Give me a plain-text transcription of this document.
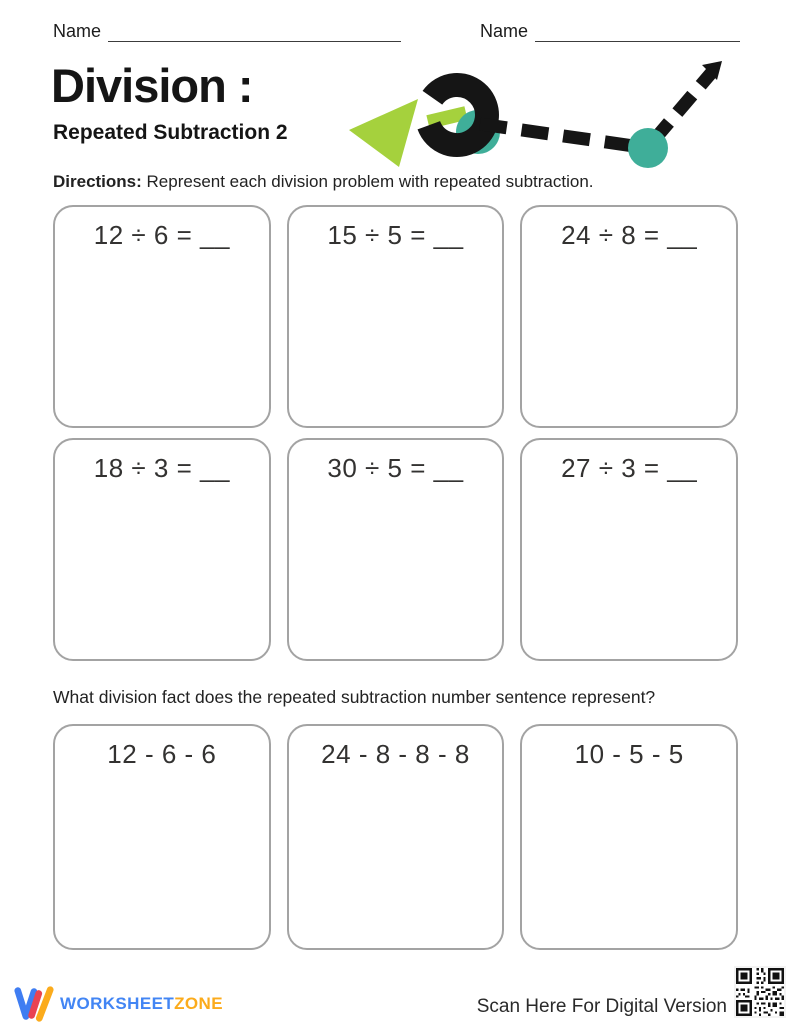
Name	Name
Division :
Repeated Subtraction 2
Directions: Represent each division problem with repeated subtraction.
12 ÷ 6 = __	15 ÷ 5 = __	24 ÷ 8 = __
18 ÷ 3 = __	30 ÷ 5 = __	27 ÷ 3 = __
What division fact does the repeated subtraction number sentence represent?
12 - 6 - 6	24 - 8 - 8 - 8	10 - 5 - 5
WORKSHEETZONE	Scan Here For Digital Version
